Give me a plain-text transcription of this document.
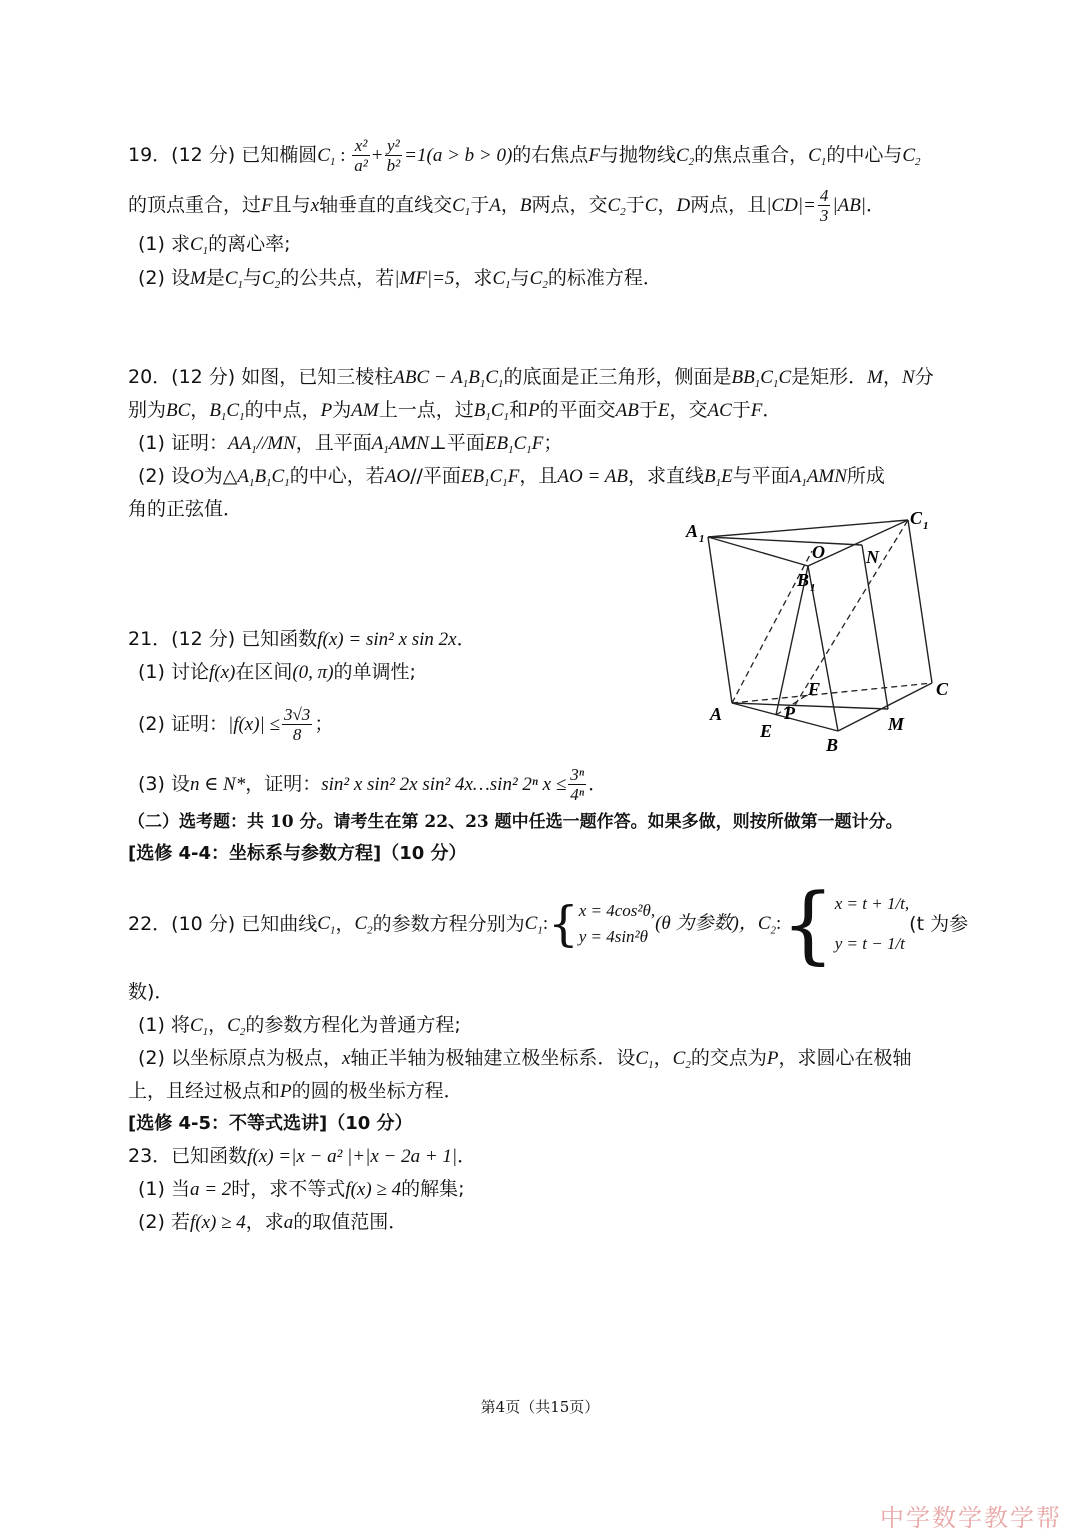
19．(12 分) 已知椭圆$C_1$ : $\frac{\text{x²}}{\text{a²}} + \frac{\text{y²}}{\text{b²}} =1(a > b > 0)$的右焦点F与抛物线$C_2$的焦点重合，$C_1$的中心与$C_2$
的顶点重合，过F且与x轴垂直的直线交$C_1$于A，B两点，交$C_2$于C，D两点，且$|CD|= \frac{4}{3} |AB|$．
(1) 求$C_1$的离心率;
(2) 设M是$C_1$与$C_2$的公共点，若|MF|=5，求$C_1$与$C_2$的标准方程．
20．(12 分) 如图，已知三棱柱ABC − $A_1B_1C_1$的底面是正三角形，侧面是$BB_1C_1C$是矩形．M，N分
别为BC，$B_1C_1$的中点，P为AM上一点，过$B_1C_1$和P的平面交AB于E，交AC于F．
(1) 证明：$AA_1//MN$，且平面$A_1AMN\perp$平面$EB_1C_1F$；
(2) 设O为$\triangle A_1B_1C_1$的中心，若AO//平面$EB_1C_1F$，且AO = AB，求直线$B_1E$与平面$A_1AMN$所成
角的正弦值．
A 1
C 1
O N
B 1
F	C
A	P
E	M
B
21．(12 分) 已知函数f(x) = sin² x sin 2x．
(1) 讨论f(x)在区间(0, π)的单调性;
(2) 证明：$|f(x)| \le \frac{3√3}{8}$ ；
(3) 设n ∈ N*，证明：sin² x sin² 2x sin² 4x…sin² 2ⁿ $x \le \frac{\text{3ⁿ}}{\text{4ⁿ}}$ ．
（二）选考题：共 10 分。请考生在第 22、23 题中任选一题作答。如果多做，则按所做第一题计分。
[选修 4-4：坐标系与参数方程]（10 分）
22．(10 分) 已知曲线$C_1$，$C_2$的参数方程分别为$C_1$:{ x = 4cos²θ,
y = 4sin²θ
(θ 为参数)，$C_2$:{ x = t + 1/t,
y = t − 1/t
(t 为参
数)．
(1) 将$C_1$，$C_2$的参数方程化为普通方程;
(2) 以坐标原点为极点，x轴正半轴为极轴建立极坐标系．设$C_1$，$C_2$的交点为P，求圆心在极轴
上，且经过极点和P的圆的极坐标方程．
[选修 4-5：不等式选讲]（10 分）
23．已知函数f(x) =|x − a² |+|x − 2a + 1|．
(1) 当a = 2时，求不等式f(x) ≥ 4的解集;
(2) 若f(x) ≥ 4，求a的取值范围．
第4页（共15页）
中学数学教学帮
